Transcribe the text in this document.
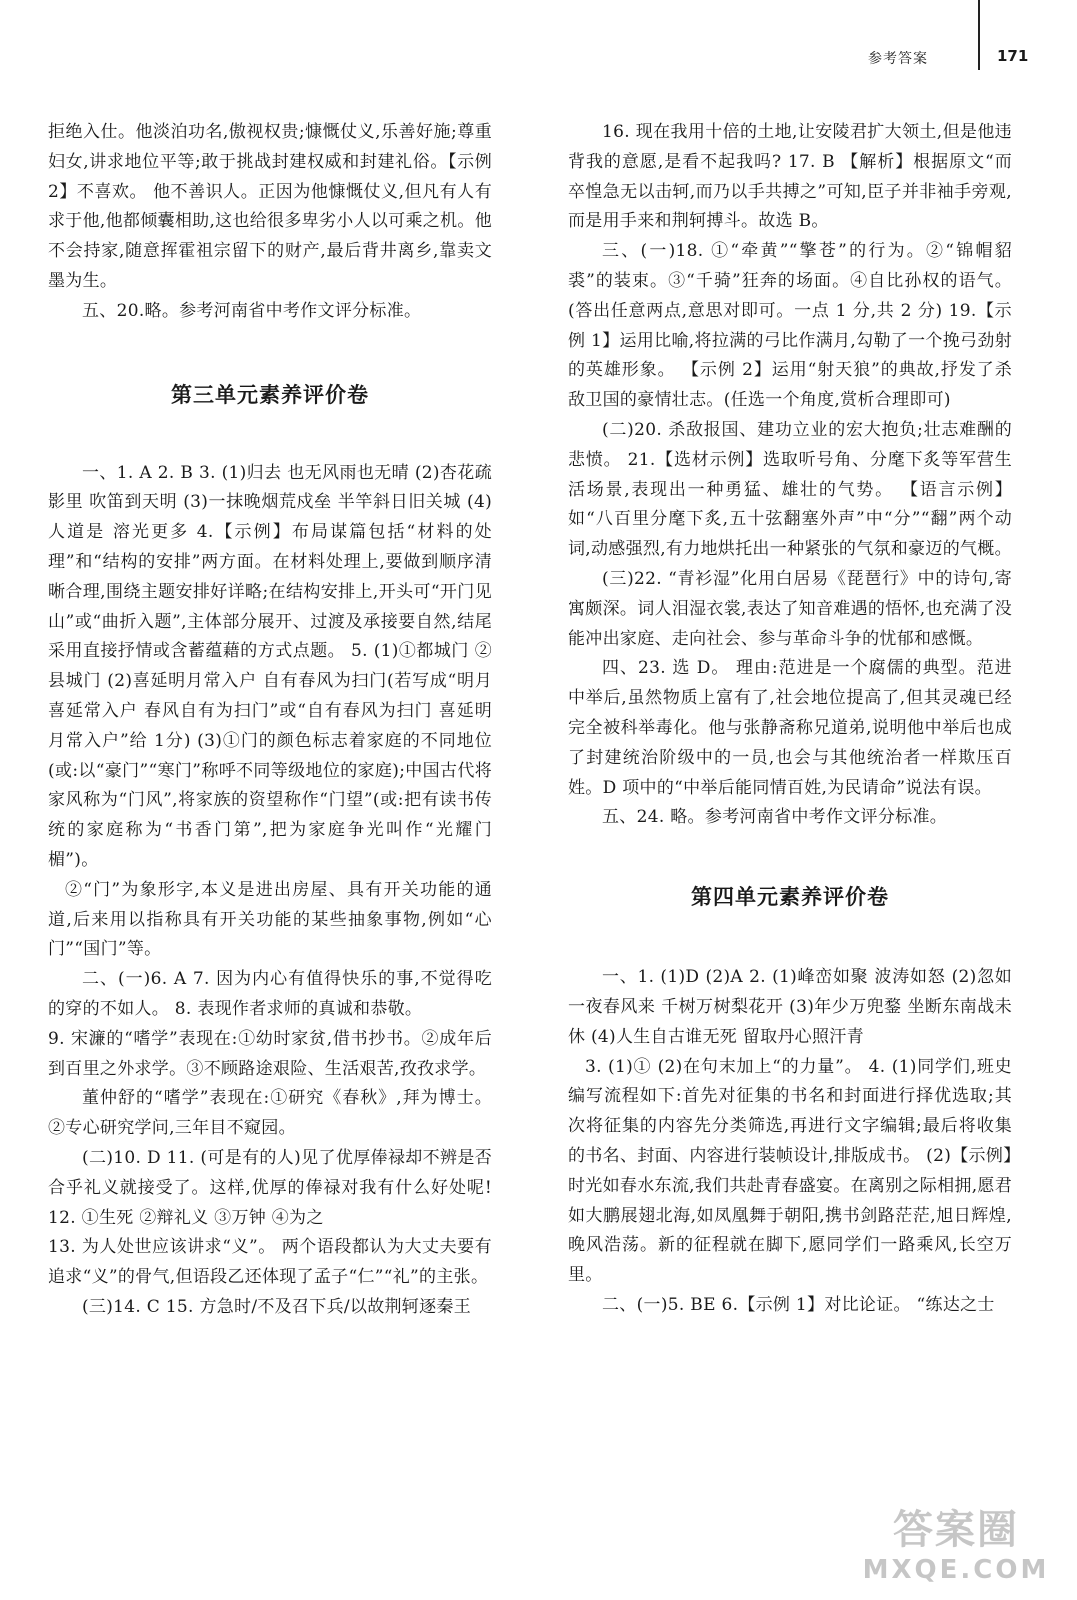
参考答案	171

拒绝入仕。他淡泊功名,傲视权贵;慷慨仗义,乐善好施;尊重妇女,讲求地位平等;敢于挑战封建权威和封建礼俗。【示例2】不喜欢。 他不善识人。正因为他慷慨仗义,但凡有人有求于他,他都倾囊相助,这也给很多卑劣小人以可乘之机。他不会持家,随意挥霍祖宗留下的财产,最后背井离乡,靠卖文墨为生。

五、20.略。参考河南省中考作文评分标准。

第三单元素养评价卷

一、1. A 2. B 3. (1)归去 也无风雨也无晴 (2)杏花疏影里 吹笛到天明 (3)一抹晚烟荒戍垒 半竿斜日旧关城 (4)人道是 溶光更多 4.【示例】布局谋篇包括“材料的处理”和“结构的安排”两方面。在材料处理上,要做到顺序清晰合理,围绕主题安排好详略;在结构安排上,开头可“开门见山”或“曲折入题”,主体部分展开、过渡及承接要自然,结尾采用直接抒情或含蓄蕴藉的方式点题。 5. (1)①都城门 ②县城门 (2)喜延明月常入户 自有春风为扫门(若写成“明月喜延常入户 春风自有为扫门”或“自有春风为扫门 喜延明月常入户”给 1分) (3)①门的颜色标志着家庭的不同地位(或:以“豪门”“寒门”称呼不同等级地位的家庭);中国古代将家风称为“门风”,将家族的资望称作“门望”(或:把有读书传统的家庭称为“书香门第”,把为家庭争光叫作“光耀门楣”)。

②“门”为象形字,本义是进出房屋、具有开关功能的通道,后来用以指称具有开关功能的某些抽象事物,例如“心门”“国门”等。

二、(一)6. A 7. 因为内心有值得快乐的事,不觉得吃的穿的不如人。 8. 表现作者求师的真诚和恭敬。

9. 宋濂的“嗜学”表现在:①幼时家贫,借书抄书。②成年后到百里之外求学。③不顾路途艰险、生活艰苦,孜孜求学。

董仲舒的“嗜学”表现在:①研究《春秋》,拜为博士。②专心研究学问,三年目不窥园。

(二)10. D 11. (可是有的人)见了优厚俸禄却不辨是否合乎礼义就接受了。这样,优厚的俸禄对我有什么好处呢! 12. ①生死 ②辩礼义 ③万钟 ④为之

13. 为人处世应该讲求“义”。 两个语段都认为大丈夫要有追求“义”的骨气,但语段乙还体现了孟子“仁”“礼”的主张。

(三)14. C 15. 方急时/不及召下兵/以故荆轲逐秦王

16. 现在我用十倍的土地,让安陵君扩大领土,但是他违背我的意愿,是看不起我吗? 17. B 【解析】根据原文“而卒惶急无以击轲,而乃以手共搏之”可知,臣子并非袖手旁观,而是用手来和荆轲搏斗。故选 B。

三、(一)18. ①“牵黄”“擎苍”的行为。②“锦帽貂裘”的装束。③“千骑”狂奔的场面。④自比孙权的语气。(答出任意两点,意思对即可。一点 1 分,共 2 分) 19.【示例 1】运用比喻,将拉满的弓比作满月,勾勒了一个挽弓劲射的英雄形象。 【示例 2】运用“射天狼”的典故,抒发了杀敌卫国的豪情壮志。(任选一个角度,赏析合理即可)

(二)20. 杀敌报国、建功立业的宏大抱负;壮志难酬的悲愤。 21.【选材示例】选取听号角、分麾下炙等军营生活场景,表现出一种勇猛、雄壮的气势。 【语言示例】如“八百里分麾下炙,五十弦翻塞外声”中“分”“翻”两个动词,动感强烈,有力地烘托出一种紧张的气氛和豪迈的气概。

(三)22. “青衫湿”化用白居易《琵琶行》中的诗句,寄寓颇深。词人泪湿衣裳,表达了知音难遇的悟怀,也充满了没能冲出家庭、走向社会、参与革命斗争的忧郁和感慨。

四、23. 选 D。 理由:范进是一个腐儒的典型。范进中举后,虽然物质上富有了,社会地位提高了,但其灵魂已经完全被科举毒化。他与张静斋称兄道弟,说明他中举后也成了封建统治阶级中的一员,也会与其他统治者一样欺压百姓。D 项中的“中举后能同情百姓,为民请命”说法有误。

五、24. 略。参考河南省中考作文评分标准。

第四单元素养评价卷

一、1. (1)D (2)A 2. (1)峰峦如聚 波涛如怒 (2)忽如一夜春风来 千树万树梨花开 (3)年少万兜鍪 坐断东南战未休 (4)人生自古谁无死 留取丹心照汗青

3. (1)① (2)在句末加上“的力量”。 4. (1)同学们,班史编写流程如下:首先对征集的书名和封面进行择优选取;其次将征集的内容先分类筛选,再进行文字编辑;最后将收集的书名、封面、内容进行装帧设计,排版成书。 (2)【示例】时光如春水东流,我们共赴青春盛宴。在离别之际相拥,愿君如大鹏展翅北海,如凤凰舞于朝阳,携书剑路茫茫,旭日辉煌,晚风浩荡。新的征程就在脚下,愿同学们一路乘风,长空万里。

二、(一)5. BE 6.【示例 1】对比论证。 “练达之士

答案圈
MXQE.COM
